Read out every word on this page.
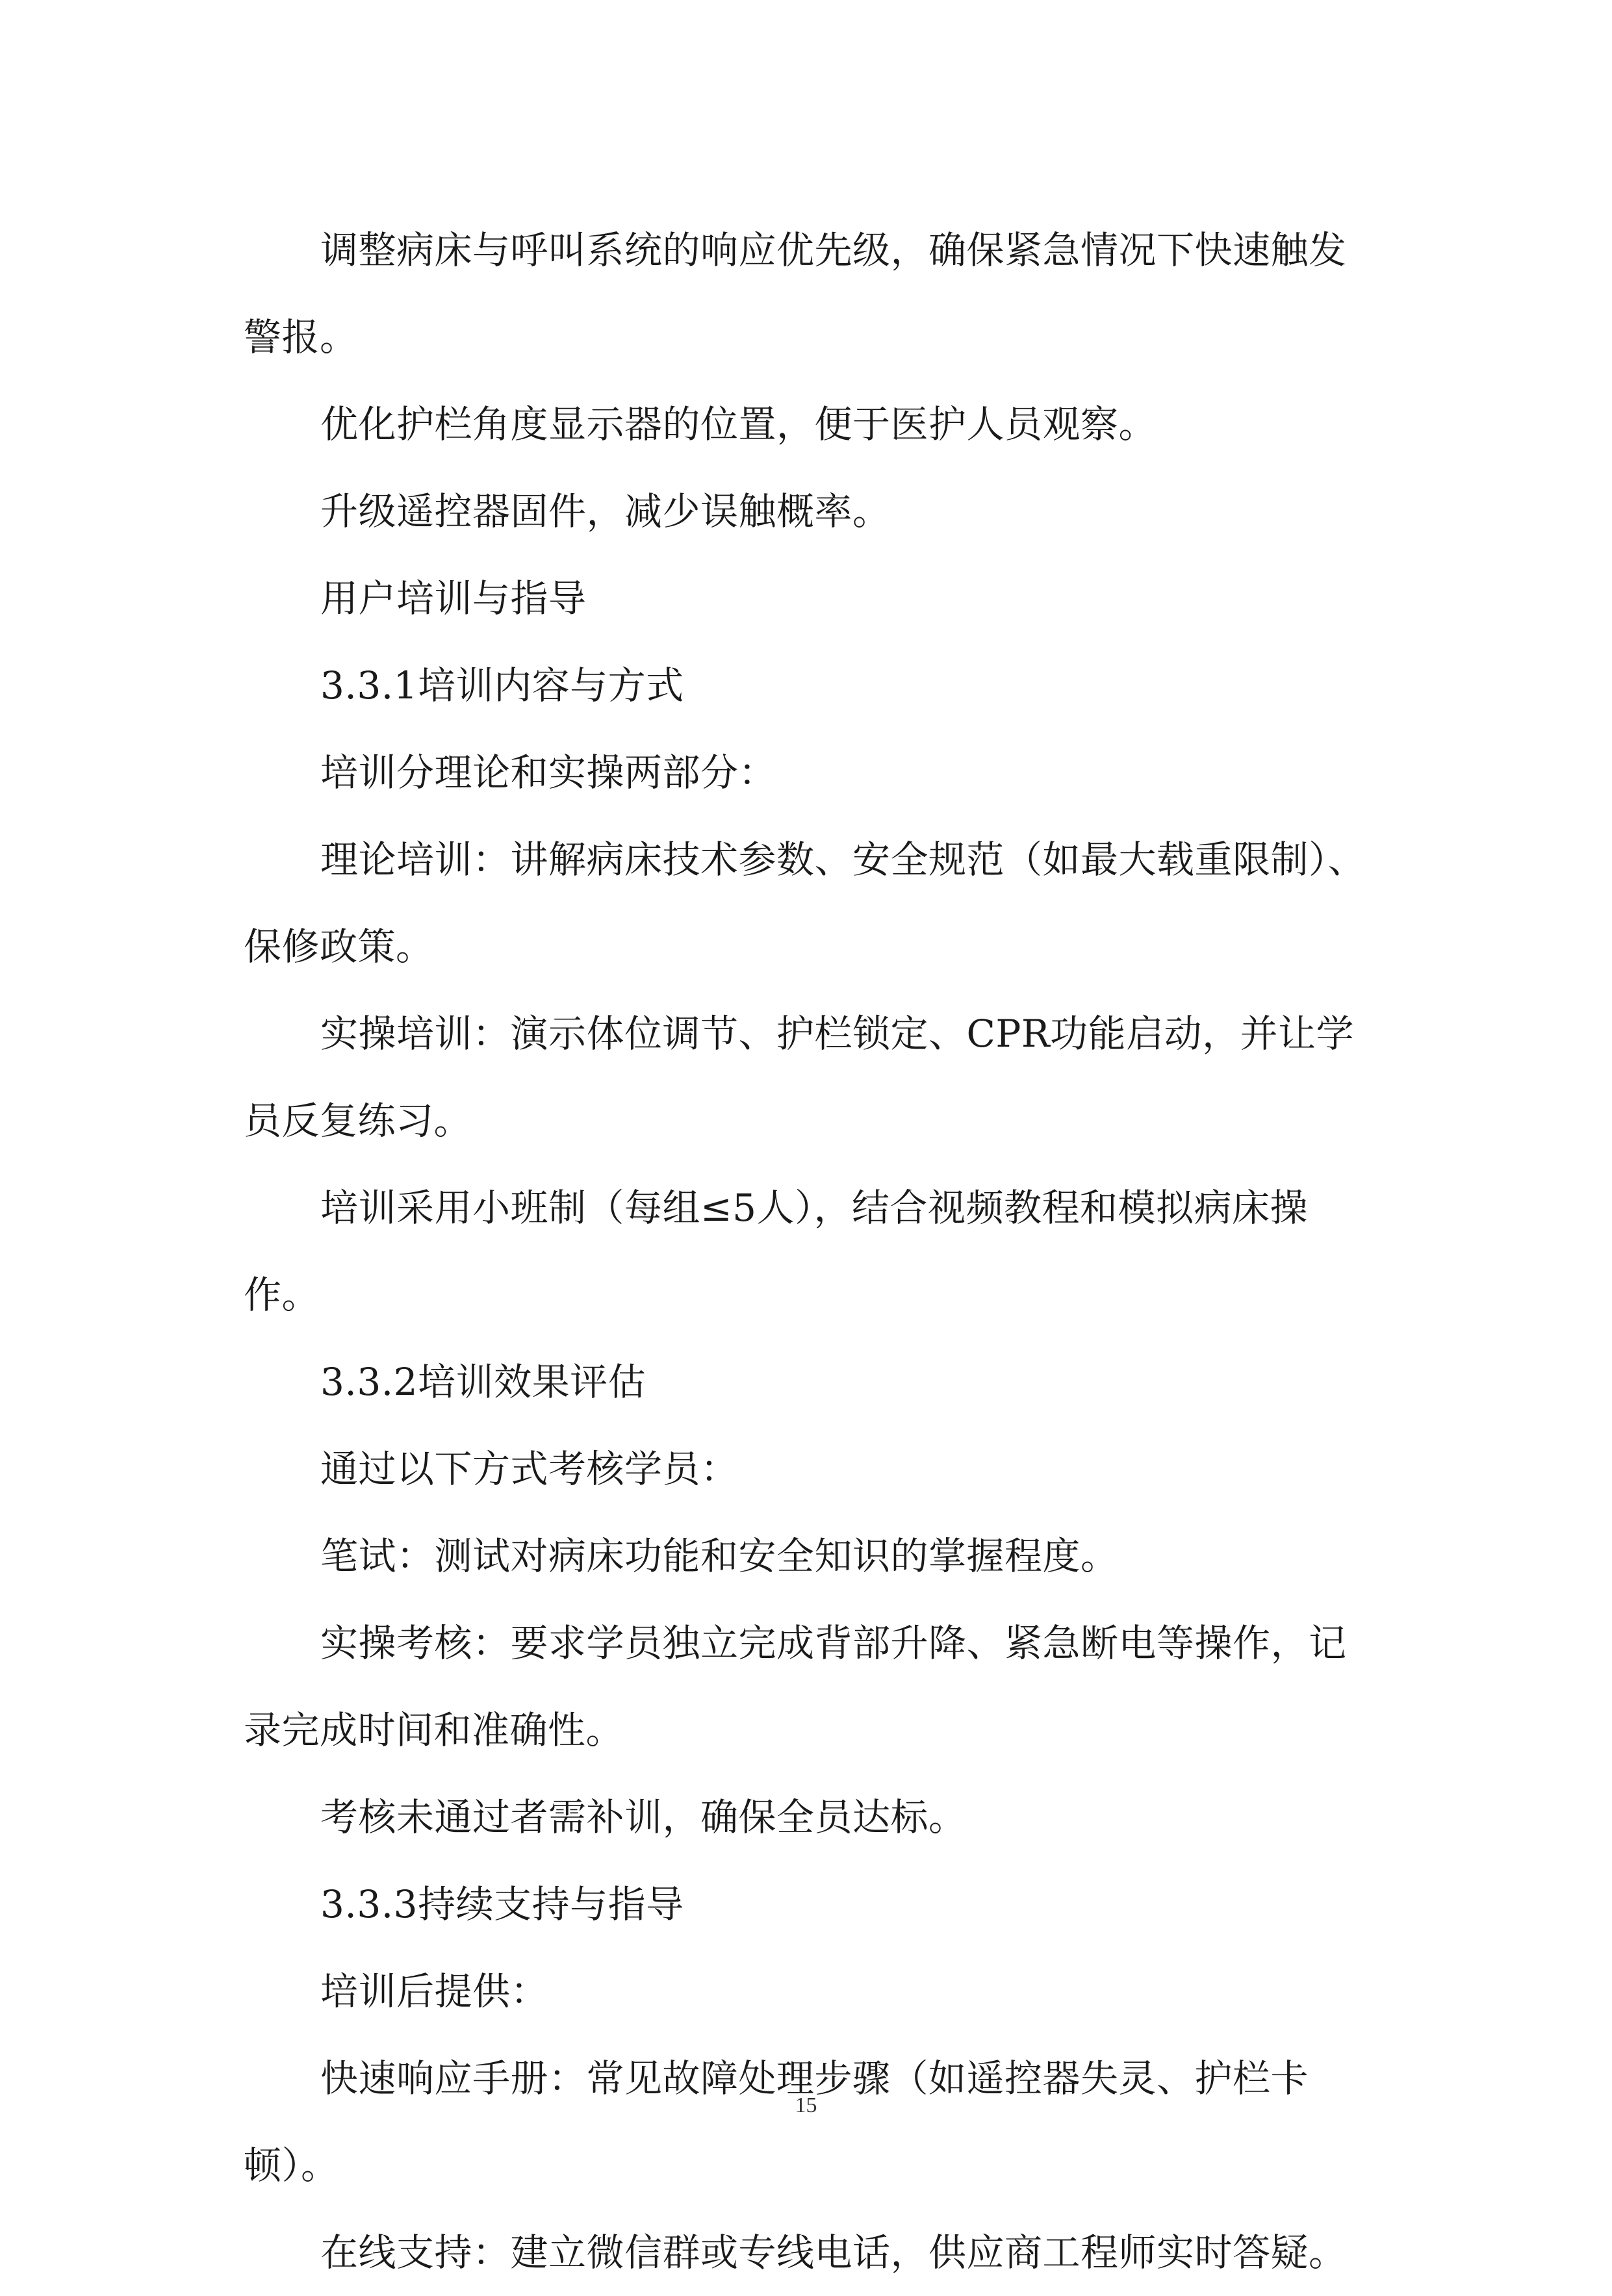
调整病床与呼叫系统的响应优先级，确保紧急情况下快速触发警报。

优化护栏角度显示器的位置，便于医护人员观察。

升级遥控器固件，减少误触概率。

用户培训与指导

3.3.1培训内容与方式

培训分理论和实操两部分：

理论培训：讲解病床技术参数、安全规范（如最大载重限制）、保修政策。

实操培训：演示体位调节、护栏锁定、CPR功能启动，并让学员反复练习。

培训采用小班制（每组≤5人），结合视频教程和模拟病床操作。

3.3.2培训效果评估

通过以下方式考核学员：

笔试：测试对病床功能和安全知识的掌握程度。

实操考核：要求学员独立完成背部升降、紧急断电等操作，记录完成时间和准确性。

考核未通过者需补训，确保全员达标。

3.3.3持续支持与指导

培训后提供：

快速响应手册：常见故障处理步骤（如遥控器失灵、护栏卡顿）。

在线支持：建立微信群或专线电话，供应商工程师实时答疑。

15
